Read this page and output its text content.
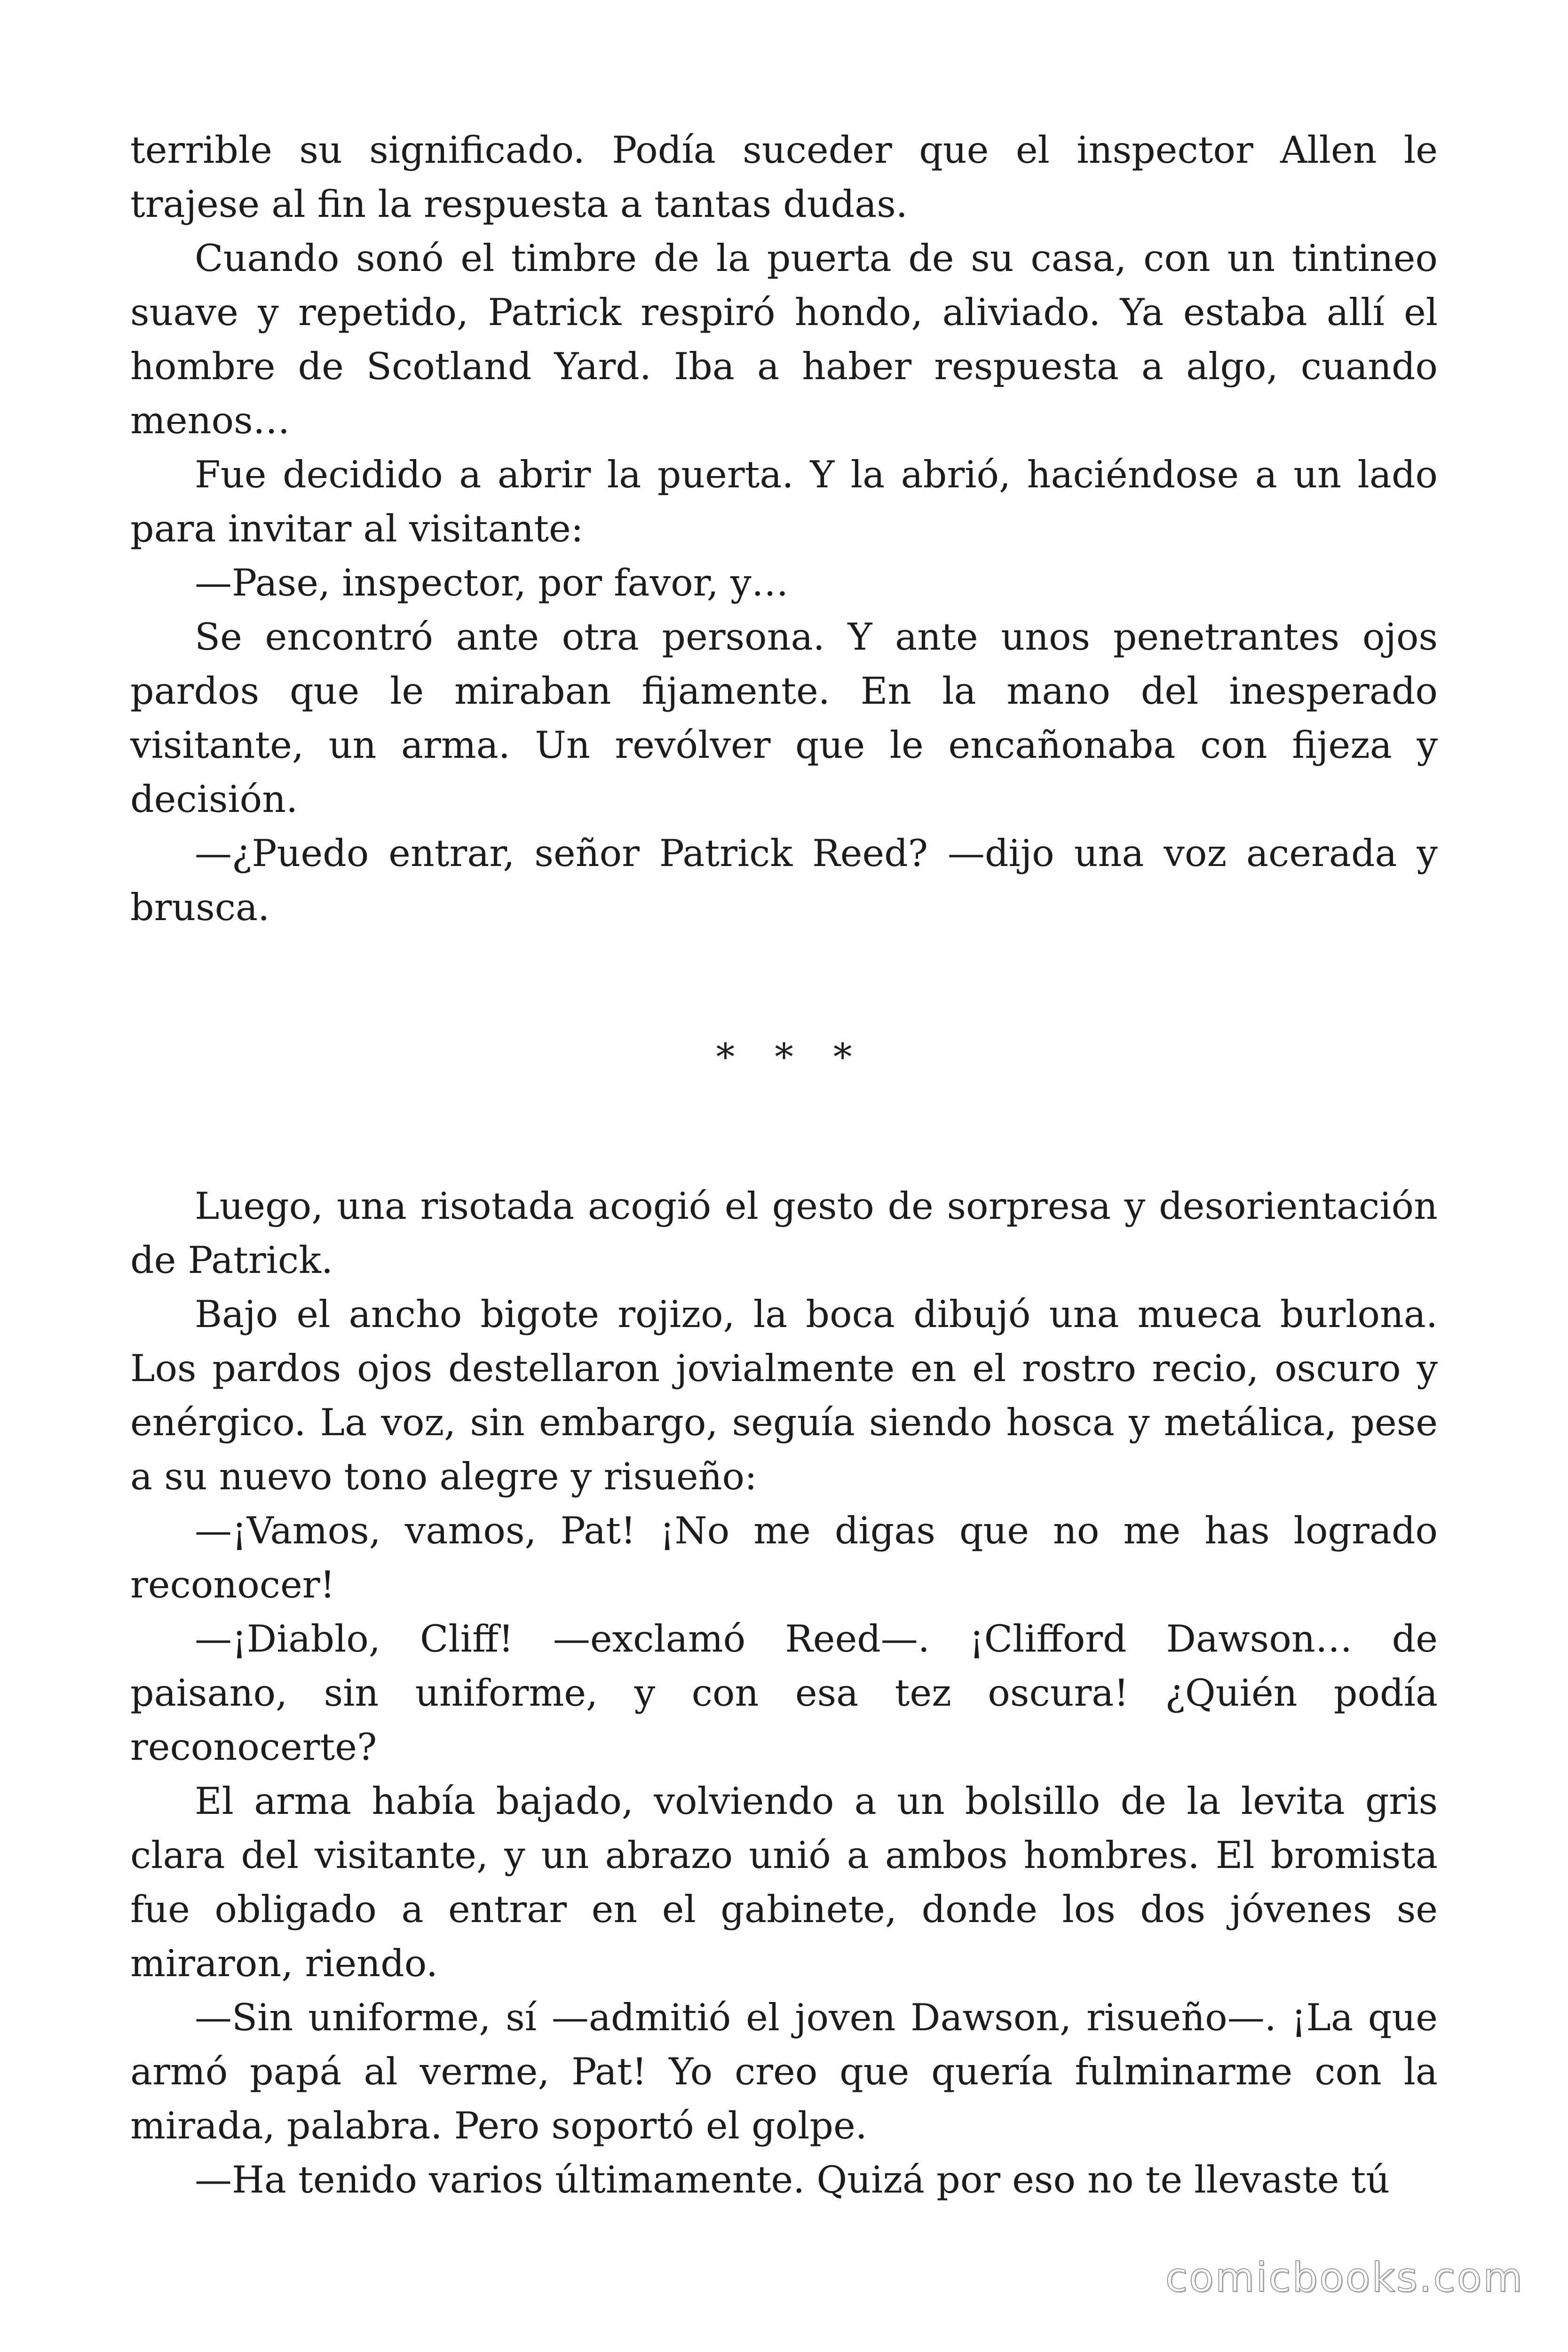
terrible su significado. Podía suceder que el inspector Allen le trajese al fin la respuesta a tantas dudas.

Cuando sonó el timbre de la puerta de su casa, con un tintineo suave y repetido, Patrick respiró hondo, aliviado. Ya estaba allí el hombre de Scotland Yard. Iba a haber respuesta a algo, cuando menos…

Fue decidido a abrir la puerta. Y la abrió, haciéndose a un lado para invitar al visitante:

—Pase, inspector, por favor, y…

Se encontró ante otra persona. Y ante unos penetrantes ojos pardos que le miraban fijamente. En la mano del inesperado visitante, un arma. Un revólver que le encañonaba con fijeza y decisión.

—¿Puedo entrar, señor Patrick Reed? —dijo una voz acerada y brusca.

* * *

Luego, una risotada acogió el gesto de sorpresa y desorientación de Patrick.

Bajo el ancho bigote rojizo, la boca dibujó una mueca burlona. Los pardos ojos destellaron jovialmente en el rostro recio, oscuro y enérgico. La voz, sin embargo, seguía siendo hosca y metálica, pese a su nuevo tono alegre y risueño:

—¡Vamos, vamos, Pat! ¡No me digas que no me has logrado reconocer!

—¡Diablo, Cliff! —exclamó Reed—. ¡Clifford Dawson… de paisano, sin uniforme, y con esa tez oscura! ¿Quién podía reconocerte?

El arma había bajado, volviendo a un bolsillo de la levita gris clara del visitante, y un abrazo unió a ambos hombres. El bromista fue obligado a entrar en el gabinete, donde los dos jóvenes se miraron, riendo.

—Sin uniforme, sí —admitió el joven Dawson, risueño—. ¡La que armó papá al verme, Pat! Yo creo que quería fulminarme con la mirada, palabra. Pero soportó el golpe.

—Ha tenido varios últimamente. Quizá por eso no te llevaste tú

comicbooks.com
